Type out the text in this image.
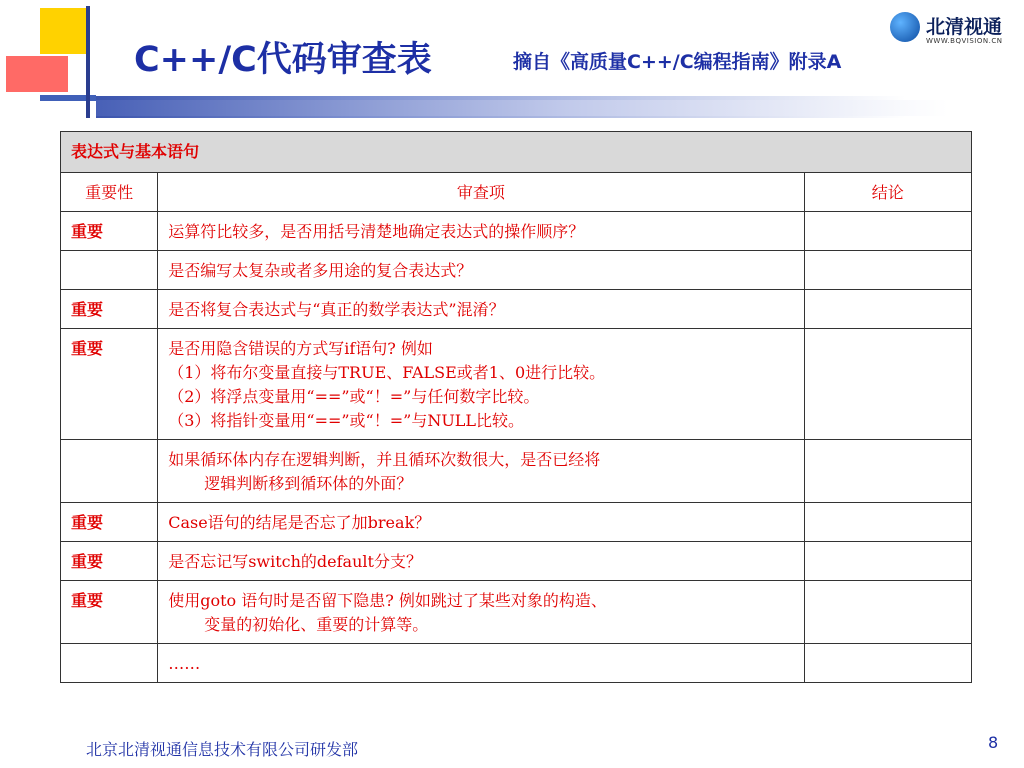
C++/C代码审查表	摘自《高质量C++/C编程指南》附录A
北清视通
WWW.BQVISION.CN
表达式与基本语句		
重要性	审查项	结论
重要	运算符比较多，是否用括号清楚地确定表达式的操作顺序？	

	是否编写太复杂或者多用途的复合表达式？	

重要	是否将复合表达式与“真正的数学表达式”混淆？	

重要	是否用隐含错误的方式写if语句? 例如
（1）将布尔变量直接与TRUE、FALSE或者1、0进行比较。
（2）将浮点变量用“==”或“！=”与任何数字比较。
（3）将指针变量用“==”或“！=”与NULL比较。	

	如果循环体内存在逻辑判断，并且循环次数很大，是否已经将
逻辑判断移到循环体的外面？	

重要	Case语句的结尾是否忘了加break？	

重要	是否忘记写switch的default分支？	

重要	使用goto 语句时是否留下隐患? 例如跳过了某些对象的构造、
变量的初始化、重要的计算等。	

	……	

北京北清视通信息技术有限公司研发部	8
